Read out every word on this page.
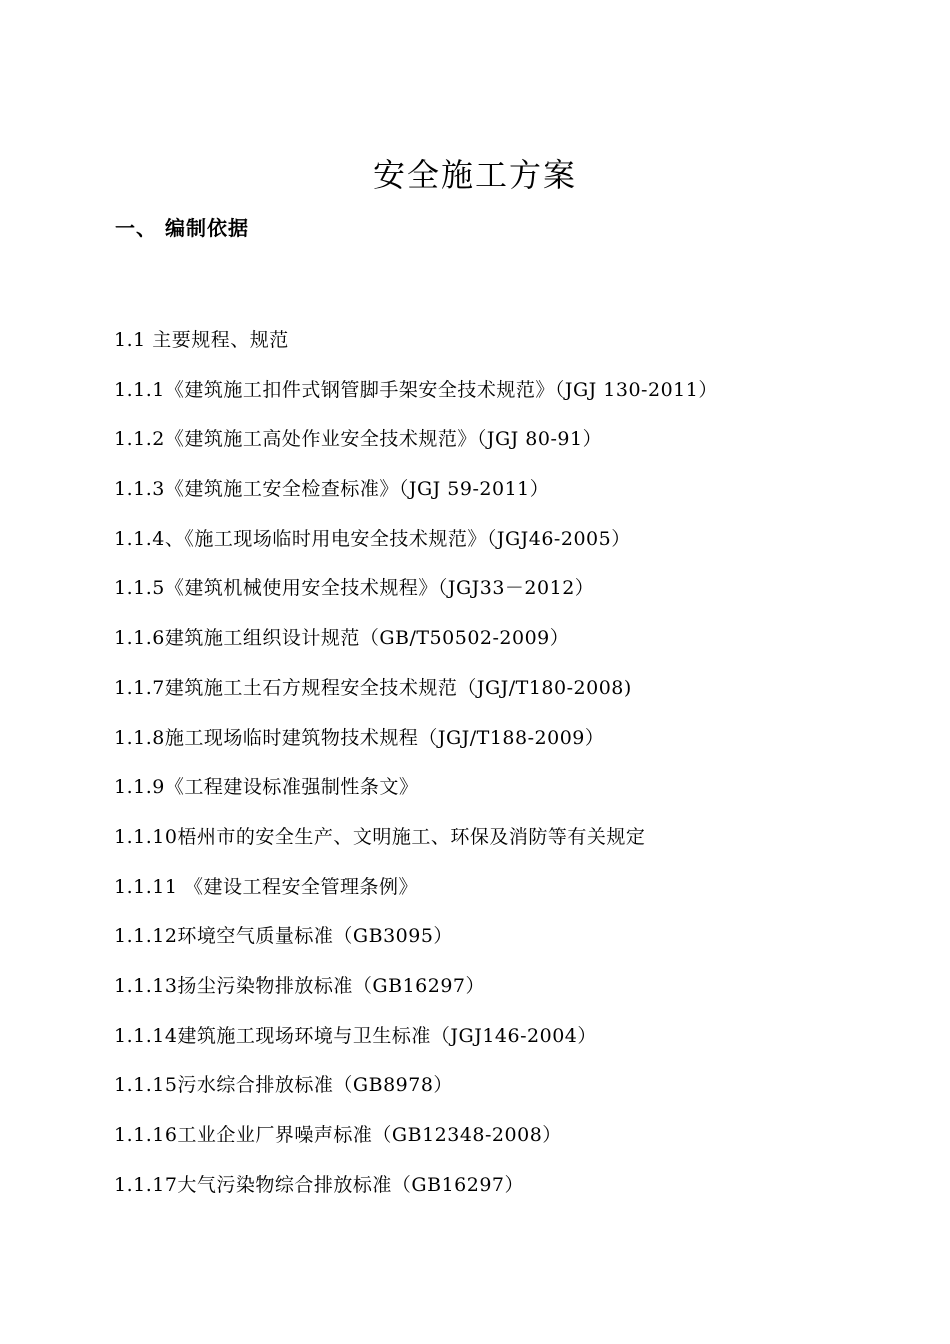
安全施工方案
一、 编制依据
1.1 主要规程、规范
1.1.1《建筑施工扣件式钢管脚手架安全技术规范》（JGJ 130-2011）
1.1.2《建筑施工高处作业安全技术规范》（JGJ 80-91）
1.1.3《建筑施工安全检查标准》（JGJ 59-2011）
1.1.4、《施工现场临时用电安全技术规范》（JGJ46-2005）
1.1.5《建筑机械使用安全技术规程》（JGJ33－2012）
1.1.6建筑施工组织设计规范（GB/T50502-2009）
1.1.7建筑施工土石方规程安全技术规范（JGJ/T180-2008)
1.1.8施工现场临时建筑物技术规程（JGJ/T188-2009）
1.1.9《工程建设标准强制性条文》
1.1.10梧州市的安全生产、文明施工、环保及消防等有关规定
1.1.11 《建设工程安全管理条例》
1.1.12环境空气质量标准（GB3095）
1.1.13扬尘污染物排放标准（GB16297）
1.1.14建筑施工现场环境与卫生标准（JGJ146-2004）
1.1.15污水综合排放标准（GB8978）
1.1.16工业企业厂界噪声标准（GB12348-2008）
1.1.17大气污染物综合排放标准（GB16297）
